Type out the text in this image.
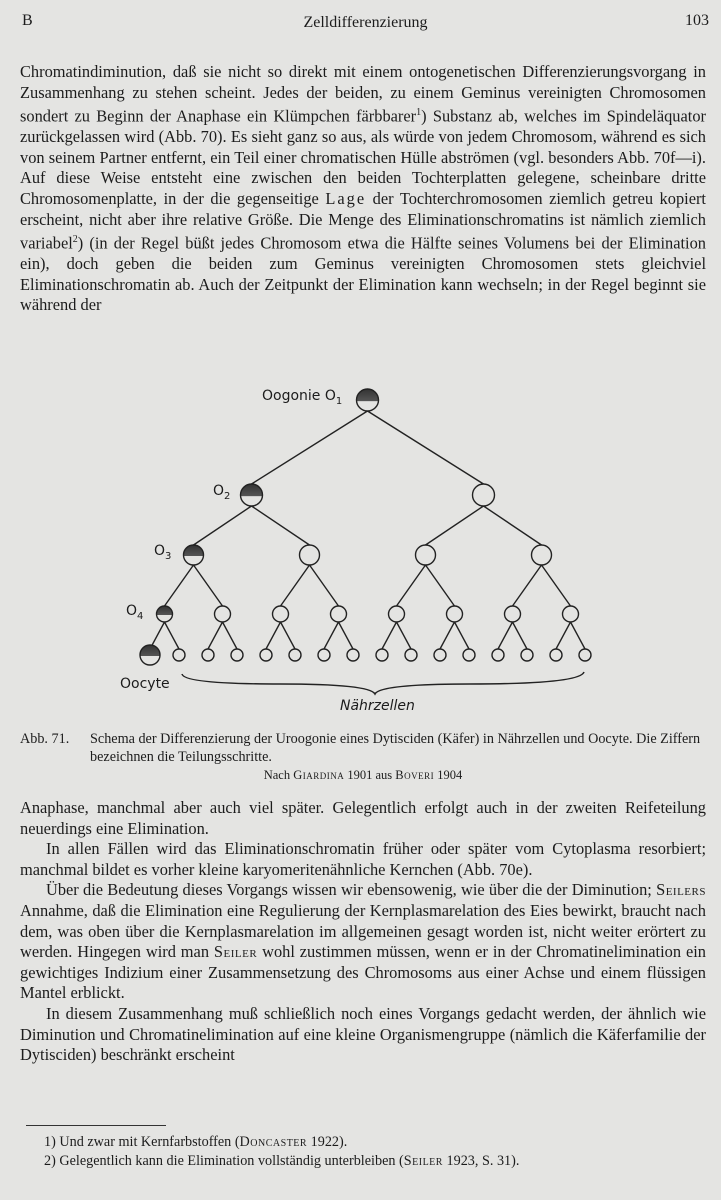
B	Zelldifferenzierung	103

Chromatindiminution, daß sie nicht so direkt mit einem ontogenetischen Differenzierungsvorgang in Zusammenhang zu stehen scheint. Jedes der beiden, zu einem Geminus vereinigten Chromosomen sondert zu Beginn der Anaphase ein Klümpchen färbbarer$^1$) Substanz ab, welches im Spindeläquator zurückgelassen wird (Abb. 70). Es sieht ganz so aus, als würde von jedem Chromosom, während es sich von seinem Partner entfernt, ein Teil einer chromatischen Hülle abströmen (vgl. besonders Abb. 70f—i). Auf diese Weise entsteht eine zwischen den beiden Tochterplatten gelegene, scheinbare dritte Chromosomenplatte, in der die gegenseitige Lage der Tochterchromosomen ziemlich getreu kopiert erscheint, nicht aber ihre relative Größe. Die Menge des Eliminationschromatins ist nämlich ziemlich variabel$^2$) (in der Regel büßt jedes Chromosom etwa die Hälfte seines Volumens bei der Elimination ein), doch geben die beiden zum Geminus vereinigten Chromosomen stets gleichviel Eliminationschromatin ab. Auch der Zeitpunkt der Elimination kann wechseln; in der Regel beginnt sie während der

Oogonie $O_1$
$O_2$
$O_3$
$O_4$
Oocyte
Nährzellen

Abb. 71. Schema der Differenzierung der Uroogonie eines Dytisciden (Käfer) in Nährzellen und Oocyte. Die Ziffern bezeichnen die Teilungsschritte.

Nach Giardina 1901 aus Boveri 1904

Anaphase, manchmal aber auch viel später. Gelegentlich erfolgt auch in der zweiten Reifeteilung neuerdings eine Elimination.

In allen Fällen wird das Eliminationschromatin früher oder später vom Cytoplasma resorbiert; manchmal bildet es vorher kleine karyomeritenähnliche Kernchen (Abb. 70e).

Über die Bedeutung dieses Vorgangs wissen wir ebensowenig, wie über die der Diminution; Seilers Annahme, daß die Elimination eine Regulierung der Kernplasmarelation des Eies bewirkt, braucht nach dem, was oben über die Kernplasmarelation im allgemeinen gesagt worden ist, nicht weiter erörtert zu werden. Hingegen wird man Seiler wohl zustimmen müssen, wenn er in der Chromatinelimination ein gewichtiges Indizium einer Zusammensetzung des Chromosoms aus einer Achse und einem flüssigen Mantel erblickt.

In diesem Zusammenhang muß schließlich noch eines Vorgangs gedacht werden, der ähnlich wie Diminution und Chromatinelimination auf eine kleine Organismengruppe (nämlich die Käferfamilie der Dytisciden) beschränkt erscheint

1) Und zwar mit Kernfarbstoffen (Doncaster 1922).

2) Gelegentlich kann die Elimination vollständig unterbleiben (Seiler 1923, S. 31).
